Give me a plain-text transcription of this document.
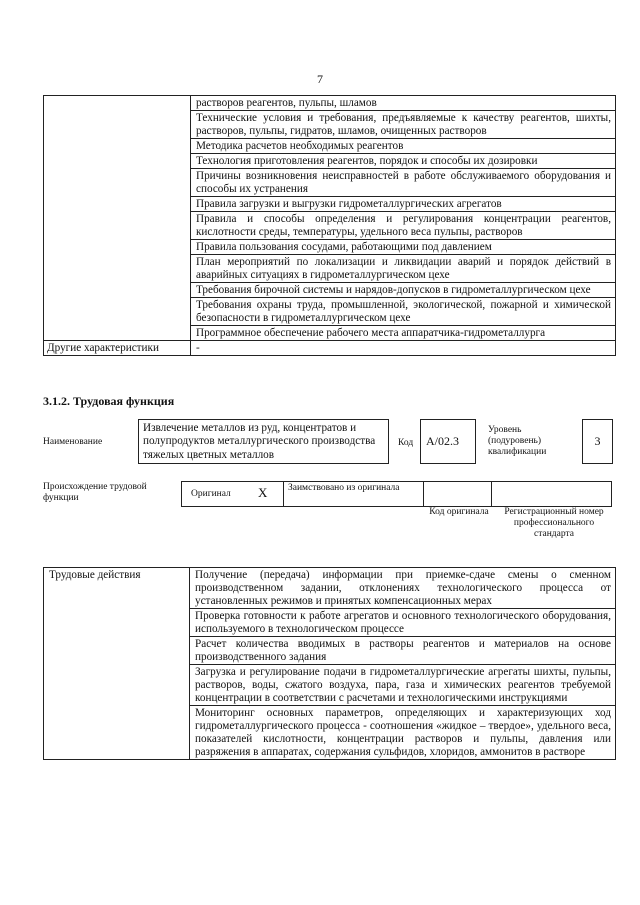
7
	растворов реагентов, пульпы, шламов
	Технические условия и требования, предъявляемые к качеству реагентов, шихты, растворов, пульпы, гидратов, шламов, очищенных растворов
	Методика расчетов необходимых реагентов
	Технология приготовления реагентов, порядок и способы их дозировки
	Причины возникновения неисправностей в работе обслуживаемого оборудования и способы их устранения
	Правила загрузки и выгрузки гидрометаллургических агрегатов
	Правила и способы определения и регулирования концентрации реагентов, кислотности среды, температуры, удельного веса пульпы, растворов
	Правила пользования сосудами, работающими под давлением
	План мероприятий по локализации и ликвидации аварий и порядок действий в аварийных ситуациях в гидрометаллургическом цехе
	Требования бирочной системы и нарядов-допусков в гидрометаллургическом цехе
	Требования охраны труда, промышленной, экологической, пожарной и химической безопасности в гидрометаллургическом цехе
	Программное обеспечение рабочего места аппаратчика-гидрометаллурга
Другие характеристики	-
3.1.2. Трудовая функция
Наименование
Извлечение металлов из руд, концентратов и полупродуктов металлургического производства тяжелых цветных металлов
Код	А/02.3
Уровень (подуровень) квалификации
3
Происхождение трудовой функции	Оригинал X Заимствовано из оригинала
Код оригинала	Регистрационный номер профессионального стандарта
Трудовые действия	Получение (передача) информации при приемке-сдаче смены о сменном производственном задании, отклонениях технологического процесса от установленных режимов и принятых компенсационных мерах
Проверка готовности к работе агрегатов и основного технологического оборудования, используемого в технологическом процессе
Расчет количества вводимых в растворы реагентов и материалов на основе производственного задания
Загрузка и регулирование подачи в гидрометаллургические агрегаты шихты, пульпы, растворов, воды, сжатого воздуха, пара, газа и химических реагентов требуемой концентрации в соответствии с расчетами и технологическими инструкциями
Мониторинг основных параметров, определяющих и характеризующих ход гидрометаллургического процесса - соотношения «жидкое – твердое», удельного веса, показателей кислотности, концентрации растворов и пульпы, давления или разряжения в аппаратах, содержания сульфидов, хлоридов, аммонитов в растворе
